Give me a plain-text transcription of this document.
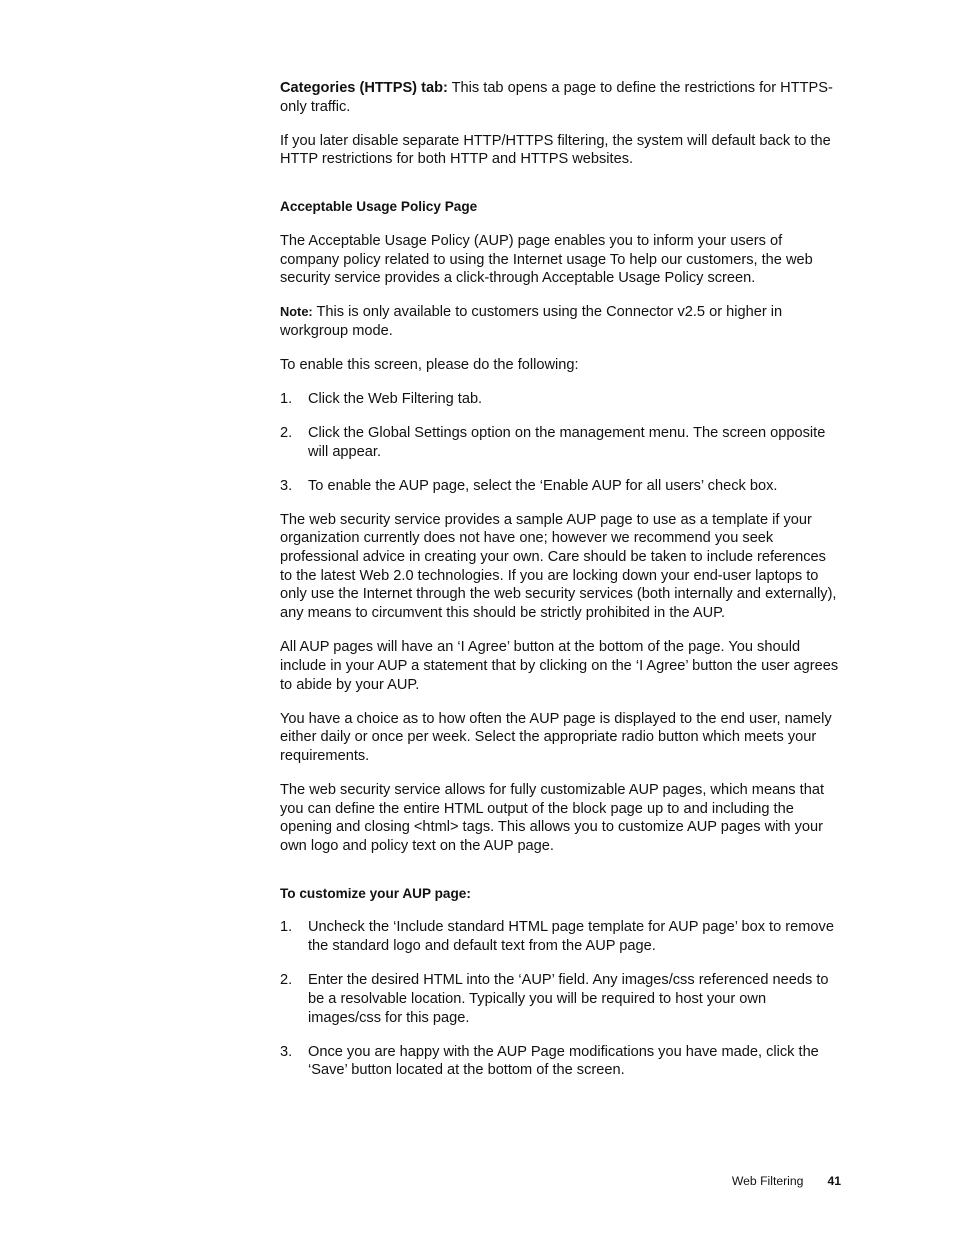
Categories (HTTPS) tab: This tab opens a page to define the restrictions for HTTPS-only traffic.

If you later disable separate HTTP/HTTPS filtering, the system will default back to the HTTP restrictions for both HTTP and HTTPS websites.

Acceptable Usage Policy Page

The Acceptable Usage Policy (AUP) page enables you to inform your users of company policy related to using the Internet usage To help our customers, the web security service provides a click-through Acceptable Usage Policy screen.

Note: This is only available to customers using the Connector v2.5 or higher in workgroup mode.

To enable this screen, please do the following:

1.	Click the Web Filtering tab.
2.	Click the Global Settings option on the management menu. The screen opposite will appear.
3.	To enable the AUP page, select the ‘Enable AUP for all users’ check box.

The web security service provides a sample AUP page to use as a template if your organization currently does not have one; however we recommend you seek professional advice in creating your own. Care should be taken to include references to the latest Web 2.0 technologies. If you are locking down your end-user laptops to only use the Internet through the web security services (both internally and externally), any means to circumvent this should be strictly prohibited in the AUP.

All AUP pages will have an ‘I Agree’ button at the bottom of the page. You should include in your AUP a statement that by clicking on the ‘I Agree’ button the user agrees to abide by your AUP.

You have a choice as to how often the AUP page is displayed to the end user, namely either daily or once per week. Select the appropriate radio button which meets your requirements.

The web security service allows for fully customizable AUP pages, which means that you can define the entire HTML output of the block page up to and including the opening and closing <html> tags. This allows you to customize AUP pages with your own logo and policy text on the AUP page.

To customize your AUP page:

1.	Uncheck the ‘Include standard HTML page template for AUP page’ box to remove the standard logo and default text from the AUP page.
2.	Enter the desired HTML into the ‘AUP’ field. Any images/css referenced needs to be a resolvable location. Typically you will be required to host your own images/css for this page.
3.	Once you are happy with the AUP Page modifications you have made, click the ‘Save’ button located at the bottom of the screen.
Web Filtering 41
